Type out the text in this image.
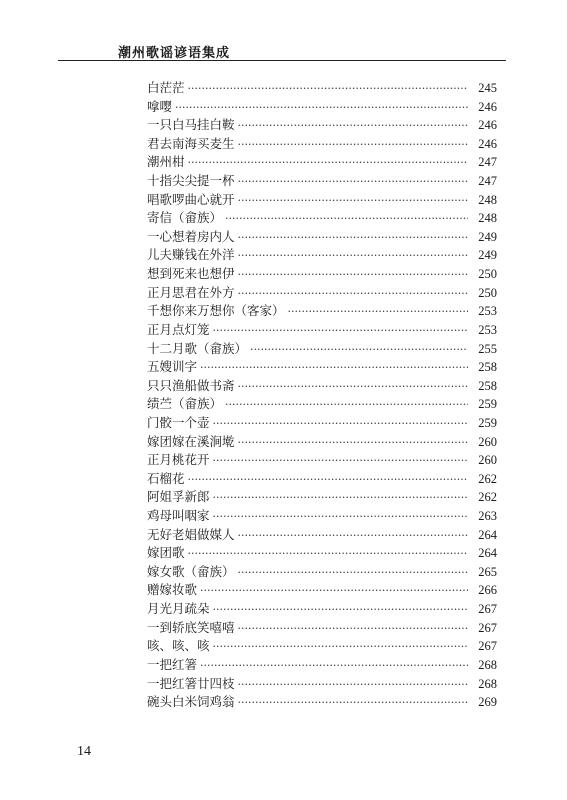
潮州歌谣谚语集成
白茫茫 ·····	245
嗱嘤 ·····	246
一只白马挂白鞍 ·····	246
君去南海买麦生 ·····	246
潮州柑 ·····	247
十指尖尖提一杯 ·····	247
唱歌啰曲心就开 ·····	248
寄信（畲族） ·····	248
一心想着房内人 ·····	249
儿夫赚钱在外洋 ·····	249
想到死来也想伊 ·····	250
正月思君在外方 ·····	250
千想你来万想你（客家） ·····	253
正月点灯笼 ·····	253
十二月歌（畲族） ·····	255
五嫂训字 ·····	258
只只渔船做书斋 ·····	258
绩苎（畲族） ·····	259
门骹一个壶 ·····	259
嫁团嫁在溪涧墘 ·····	260
正月桃花开 ·····	260
石榴花 ·····	262
阿姐孚新郎 ·····	262
鸡母叫咽家 ·····	263
无好老娼做媒人 ·····	264
嫁团歌 ·····	264
嫁女歌（畲族） ·····	265
赠嫁妆歌 ·····	266
月光月疏朵 ·····	267
一到轿底笑嘻嘻 ·····	267
咳、咳、咳 ·····	267
一把红箸 ·····	268
一把红箸廿四枝 ·····	268
碗头白米饲鸡翁 ·····	269
14
